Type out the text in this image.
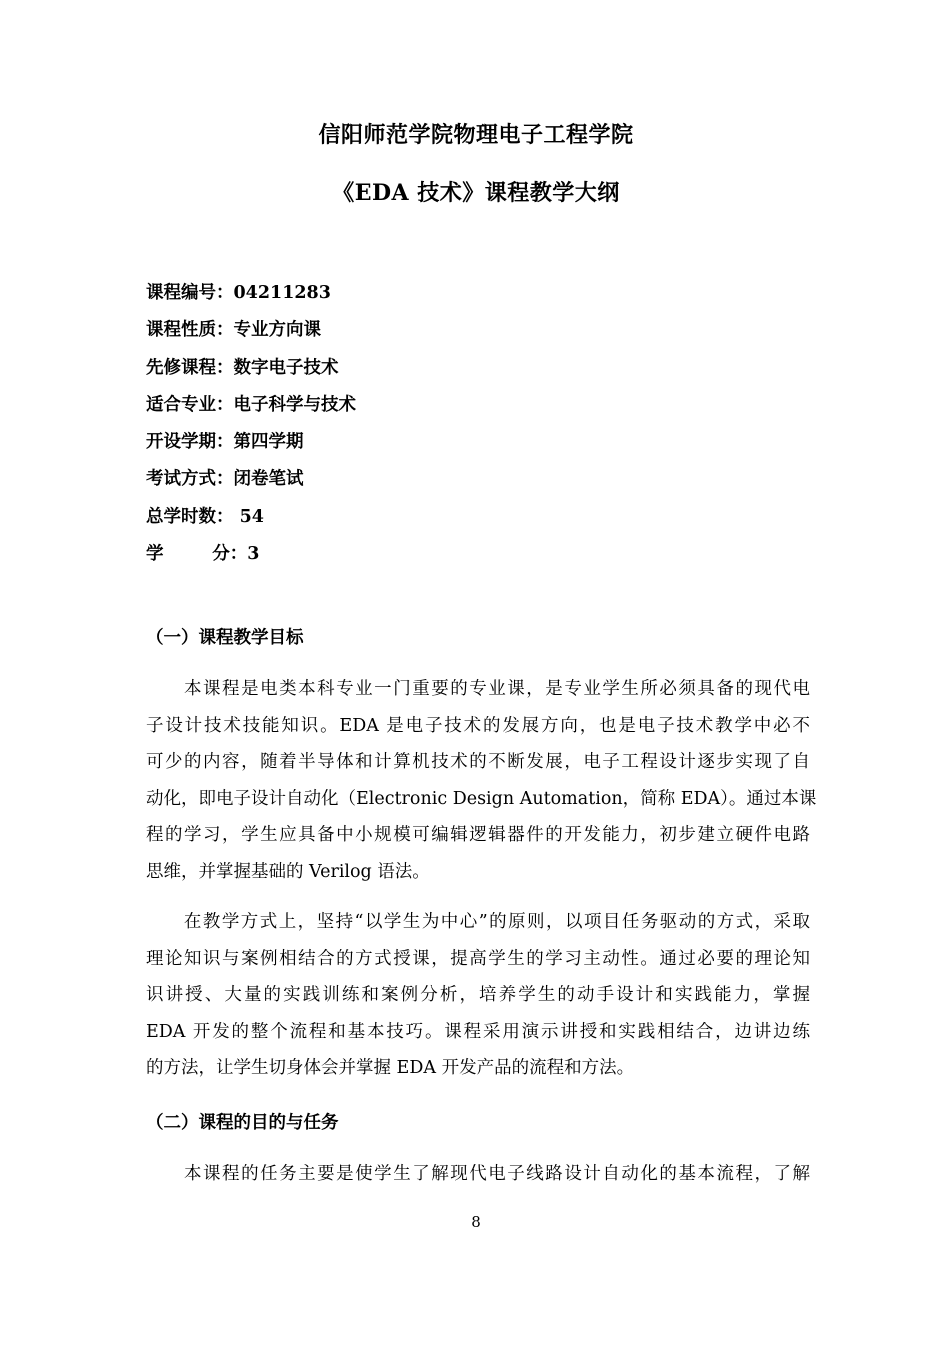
信阳师范学院物理电子工程学院
《EDA 技术》课程教学大纲
课程编号：04211283
课程性质：专业方向课
先修课程：数字电子技术
适合专业：电子科学与技术
开设学期：第四学期
考试方式：闭卷笔试
总学时数： 54
学        分：3
（一）课程教学目标
　　本课程是电类本科专业一门重要的专业课，是专业学生所必须具备的现代电
子设计技术技能知识。EDA 是电子技术的发展方向，也是电子技术教学中必不
可少的内容，随着半导体和计算机技术的不断发展，电子工程设计逐步实现了自
动化，即电子设计自动化（Electronic Design Automation，简称 EDA）。通过本课
程的学习，学生应具备中小规模可编辑逻辑器件的开发能力，初步建立硬件电路
思维，并掌握基础的 Verilog 语法。
　　在教学方式上，坚持“以学生为中心”的原则，以项目任务驱动的方式，采取
理论知识与案例相结合的方式授课，提高学生的学习主动性。通过必要的理论知
识讲授、大量的实践训练和案例分析，培养学生的动手设计和实践能力，掌握
EDA 开发的整个流程和基本技巧。课程采用演示讲授和实践相结合，边讲边练
的方法，让学生切身体会并掌握 EDA 开发产品的流程和方法。
（二）课程的目的与任务
　　本课程的任务主要是使学生了解现代电子线路设计自动化的基本流程，了解
8
